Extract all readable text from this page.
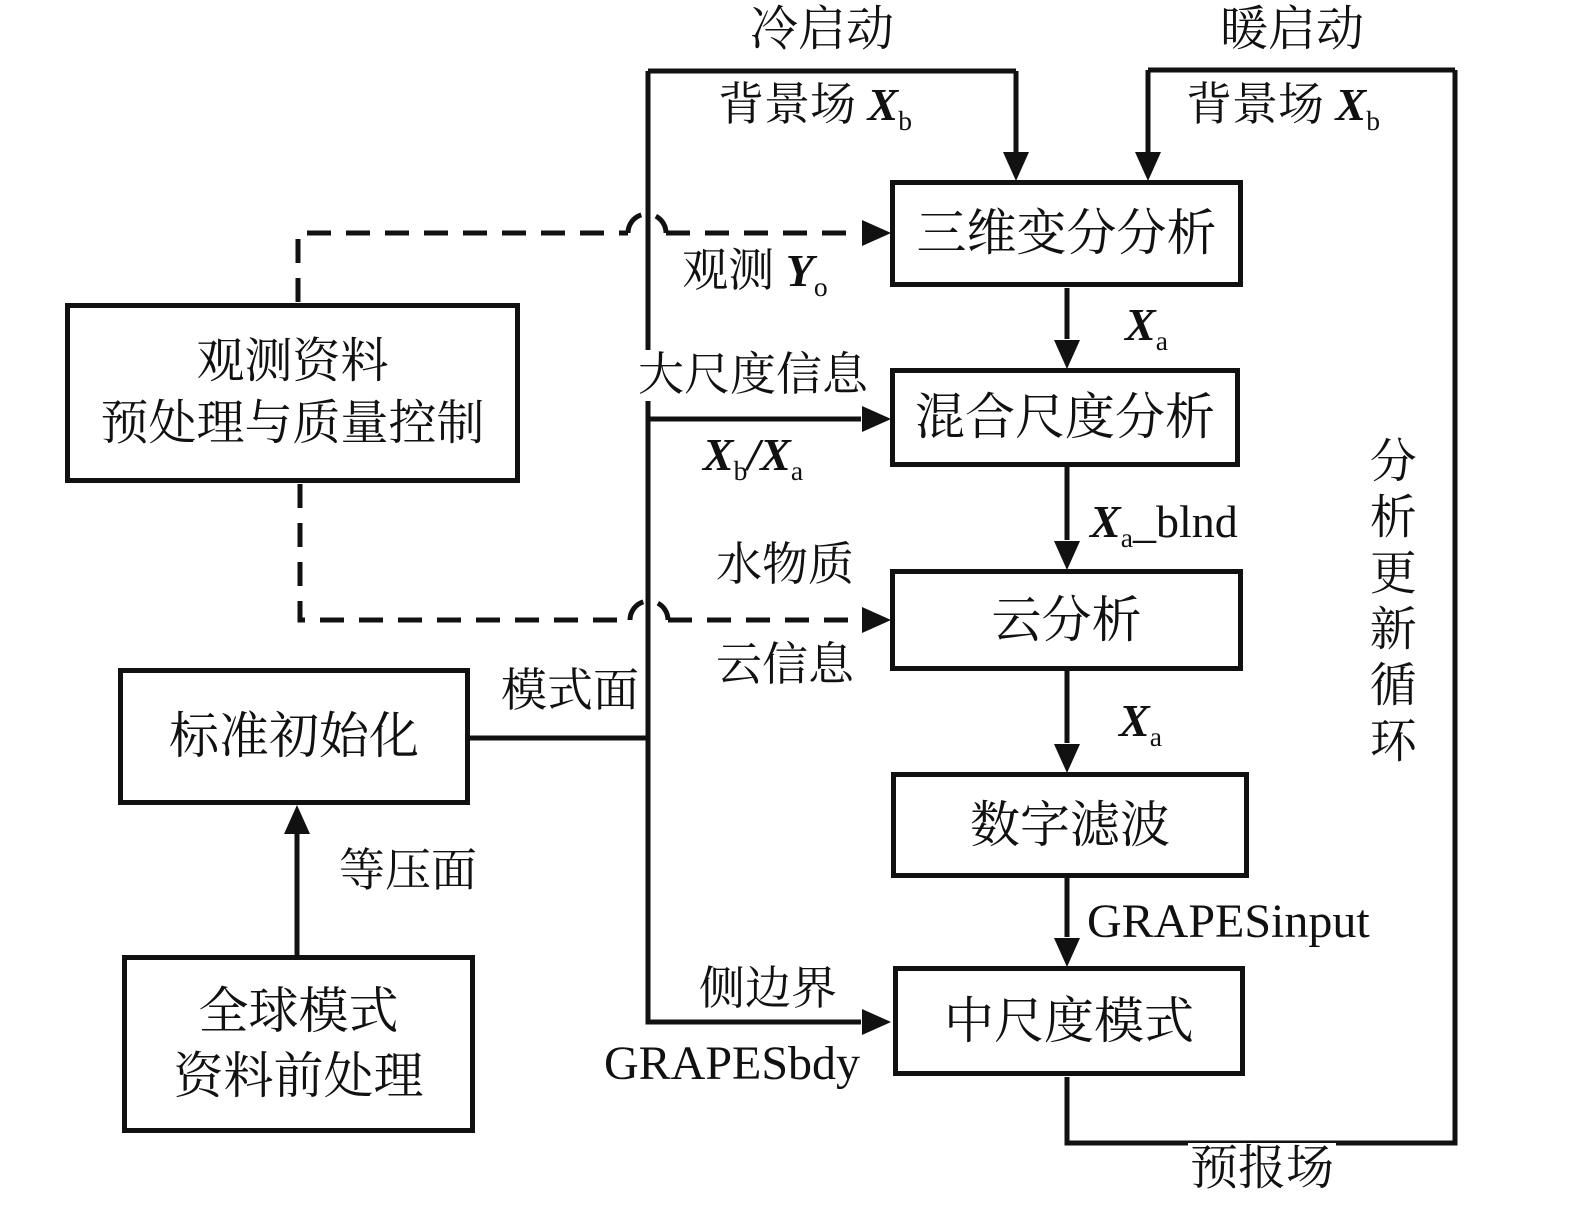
三维变分分析
混合尺度分析
云分析
数字滤波
中尺度模式
观测资料
预处理与质量控制
标准初始化
全球模式
资料前处理
冷启动
背景场 $X_b$
暖启动
背景场 $X_b$
观测 $Y_o$
$X_a$
大尺度信息
$X_b/X_a$
$X_a\_blnd$
水物质
云信息
$X_a$
模式面
等压面
GRAPESinput
侧边界
GRAPESbdy
预报场
分析更新循环
